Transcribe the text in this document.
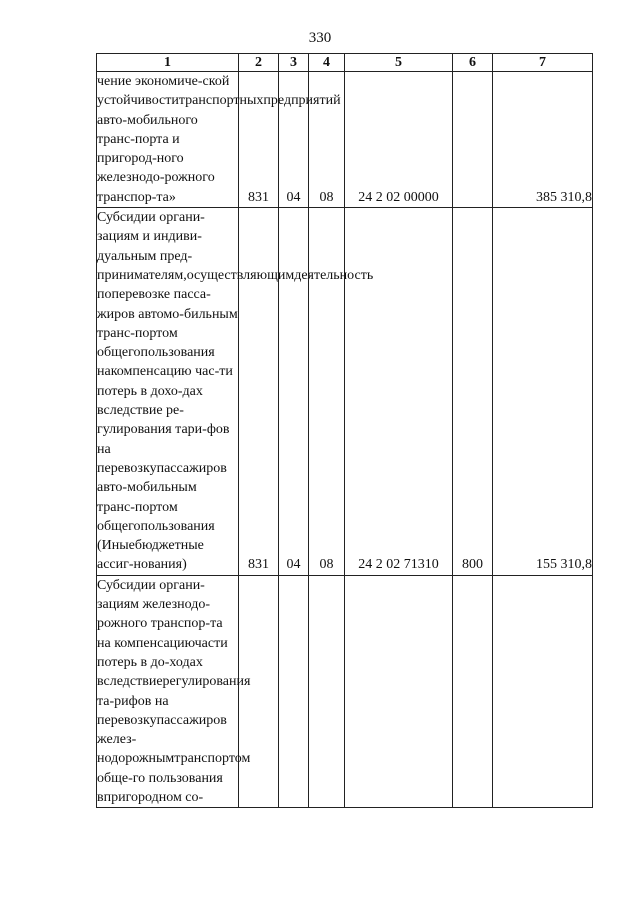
330
1	2	3	4	5	6	7
чение экономиче-ской устойчивоститранспортныхпредприятий авто-мобильного транс-порта и пригород-ного железнодо-рожного транспор-та»	831	04	08	24 2 02 00000		385 310,8
Субсидии органи-зациям и индиви-дуальным пред-принимателям,осуществляющимдеятельность поперевозке пасса-жиров автомо-бильным транс-портом общегопользования накомпенсацию час-ти потерь в дохо-дах вследствие ре-гулирования тари-фов на перевозкупассажиров авто-мобильным транс-портом общегопользования (Иныебюджетные ассиг-нования)	831	04	08	24 2 02 71310	800	155 310,8
Субсидии органи-зациям железнодо-рожного транспор-та на компенсациючасти потерь в до-ходах вследствиерегулирования та-рифов на перевозкупассажиров желез-нодорожнымтранспортом обще-го пользования впригородном со-						
